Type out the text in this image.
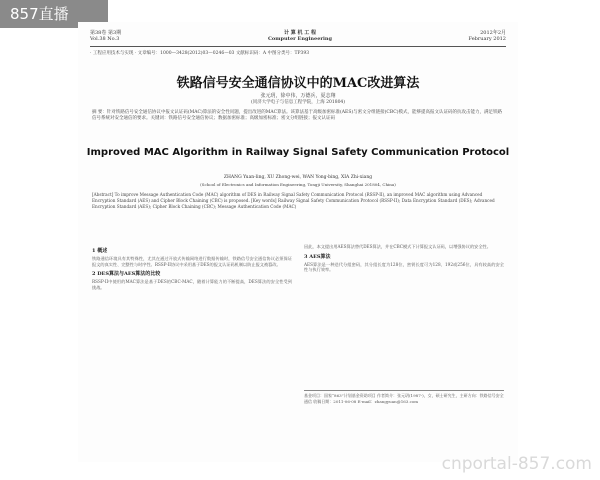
857直播
第38卷 第3期
Vol.38 No.3
计 算 机 工 程
Computer Engineering
2012年2月
February 2012
· 工程应用技术与实现 · 文章编号：1000—3428(2012)03—0246—03 文献标识码：A 中图分类号：TP393
铁路信号安全通信协议中的MAC改进算法
张元玥，徐中伟，万德兵，夏志翔
(同济大学电子与信息工程学院，上海 201804)
摘 要：针对铁路信号安全通信协议中报文认证码(MAC)算法的安全性问题，提出改进的MAC算法。该算法基于高级加密标准(AES)与密文分组链接(CBC)模式，能够提高报文认证码的抗攻击能力，满足铁路信号系统对安全通信的要求。关键词：铁路信号安全通信协议；数据加密标准；高级加密标准；密文分组链接；报文认证码
Improved MAC Algorithm in Railway Signal Safety Communication Protocol
ZHANG Yuan-ling, XU Zhong-wei, WAN Yong-bing, XIA Zhi-xiang
(School of Electronics and Information Engineering, Tongji University, Shanghai 201804, China)
[Abstract] To improve Message Authentication Code (MAC) algorithm of DES in Railway Signal Safety Communication Protocol (RSSP-II), an improved MAC algorithm using Advanced Encryption Standard (AES) and Cipher Block Chaining (CBC) is proposed. [Key words] Railway Signal Safety Communication Protocol (RSSP-II); Data Encryption Standard (DES); Advanced Encryption Standard (AES); Cipher Block Chaining (CBC); Message Authentication Code (MAC)
1 概述
铁路通信环境具有其特殊性，尤其在通过开放式传输网络进行数据传输时，铁路信号安全通信协议必须保证报文的真实性、完整性与时序性。RSSP-II协议中采用基于DES的报文认证码机制以防止报文被篡改。
2 DES算法与AES算法的比较
RSSP-II中使用的MAC算法是基于DES的CBC-MAC，随着计算能力的不断提高，DES算法的安全性受到挑战。
因此，本文提出用AES算法替代DES算法，并在CBC模式下计算报文认证码，以增强协议的安全性。
3 AES算法
AES算法是一种迭代分组密码，其分组长度为128位，密钥长度可为128、192或256位，具有较高的安全性与执行效率。
基金项目：国家“863”计划基金资助项目 作者简介：张元玥(1987-)，女，硕士研究生，主研方向：铁路信号安全通信 收稿日期：2011-06-08 E-mail：zhangyuan@163.com
cnportal-857.com
